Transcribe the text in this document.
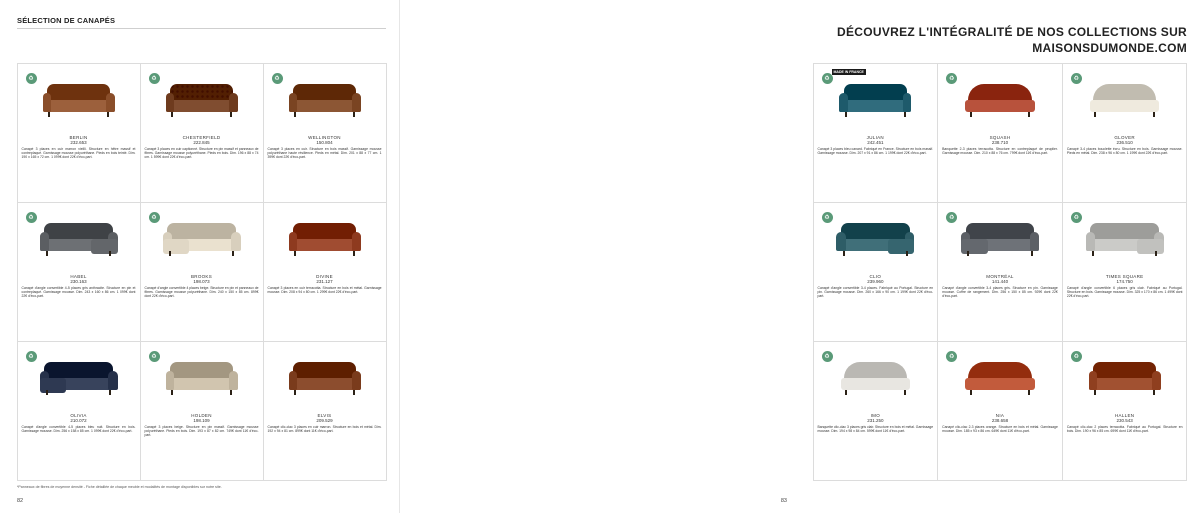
SÉLECTION DE CANAPÉS
♻
BERLIN
232.653
Canapé 3 places en cuir marron vieilli. Structure en hêtre massif et contreplaqué. Garnissage mousse polyuréthane. Pieds en bois teinté. Dim. 190 x 165 x 72 cm. 1 099€ dont 22€ d'éco-part.
♻
CHESTERFIELD
222.845
Canapé 3 places en cuir capitonné. Structure en pin massif et panneaux de fibres. Garnissage mousse polyuréthane. Pieds en bois. Dim. 196 x 88 x 74 cm. 1 599€ dont 22€ d'éco-part.
♻
WELLINGTON
150.804
Canapé 3 places en cuir. Structure en bois massif. Garnissage mousse polyuréthane haute résilience. Pieds en métal. Dim. 201 x 88 x 77 cm. 1 399€ dont 22€ d'éco-part.
♻
HABEL
230.163
Canapé d'angle convertible 4-5 places gris anthracite. Structure en pin et contreplaqué. Garnissage mousse. Dim. 243 x 160 x 86 cm. 1 099€ dont 22€ d'éco-part.
♻
BROOKS
198.073
Canapé d'angle convertible 4 places beige. Structure en pin et panneaux de fibres. Garnissage mousse polyuréthane. Dim. 240 x 150 x 85 cm. 899€ dont 22€ d'éco-part.
DIVINE
231.127
Canapé 3 places en cuir terracotta. Structure en bois et métal. Garnissage mousse. Dim. 208 x 94 x 80 cm. 1 299€ dont 22€ d'éco-part.
♻
OLIVIA
210.072
Canapé d'angle convertible 4-5 places bleu nuit. Structure en bois. Garnissage mousse. Dim. 256 x 158 x 85 cm. 1 099€ dont 22€ d'éco-part.
♻
HOLDEN
198.109
Canapé 3 places beige. Structure en pin massif. Garnissage mousse polyuréthane. Pieds en bois. Dim. 193 x 87 x 82 cm. 749€ dont 11€ d'éco-part.
ELVIS
209.529
Canapé clic-clac 3 places en cuir marron. Structure en bois et métal. Dim. 192 x 94 x 81 cm. 899€ dont 11€ d'éco-part.
*Panneaux de fibres de moyenne densité - Fiche détaillée de chaque meuble et modalités de montage disponibles sur notre site.
82
DÉCOUVREZ L'INTÉGRALITÉ DE NOS COLLECTIONS SUR
MAISONSDUMONDE.COM
♻
MADE IN FRANCE
JULIAN
242.451
Canapé 3 places bleu canard. Fabriqué en France. Structure en bois massif. Garnissage mousse. Dim. 207 x 91 x 86 cm. 1 199€ dont 22€ d'éco-part.
♻
SQUASH
238.710
Banquette 2-3 places terracotta. Structure en contreplaqué de peuplier. Garnissage mousse. Dim. 210 x 88 x 76 cm. 799€ dont 11€ d'éco-part.
♻
GLOVER
236.510
Canapé 3-4 places bouclette écru. Structure en bois. Garnissage mousse. Pieds en métal. Dim. 238 x 96 x 80 cm. 1 199€ dont 22€ d'éco-part.
♻
CLIO
239.960
Canapé d'angle convertible 3-4 places. Fabriqué au Portugal. Structure en pin. Garnissage mousse. Dim. 260 x 166 x 90 cm. 1 199€ dont 22€ d'éco-part.
♻
MONTRÉAL
141.440
Canapé d'angle convertible 3-4 places gris. Structure en pin. Garnissage mousse. Coffre de rangement. Dim. 256 x 150 x 85 cm. 929€ dont 22€ d'éco-part.
♻
TIMES SQUARE
174.750
Canapé d'angle convertible 6 places gris clair. Fabriqué au Portugal. Structure en bois. Garnissage mousse. Dim. 325 x 170 x 86 cm. 1 499€ dont 22€ d'éco-part.
♻
IMO
231.250
Banquette clic-clac 3 places gris clair. Structure en bois et métal. Garnissage mousse. Dim. 194 x 98 x 84 cm. 599€ dont 11€ d'éco-part.
♻
NIA
238.658
Canapé clic-clac 2-3 places orange. Structure en bois et métal. Garnissage mousse. Dim. 185 x 93 x 86 cm. 649€ dont 11€ d'éco-part.
♻
HALLEN
230.543
Canapé clic-clac 2 places terracotta. Fabriqué au Portugal. Structure en bois. Dim. 190 x 96 x 85 cm. 699€ dont 11€ d'éco-part.
83
